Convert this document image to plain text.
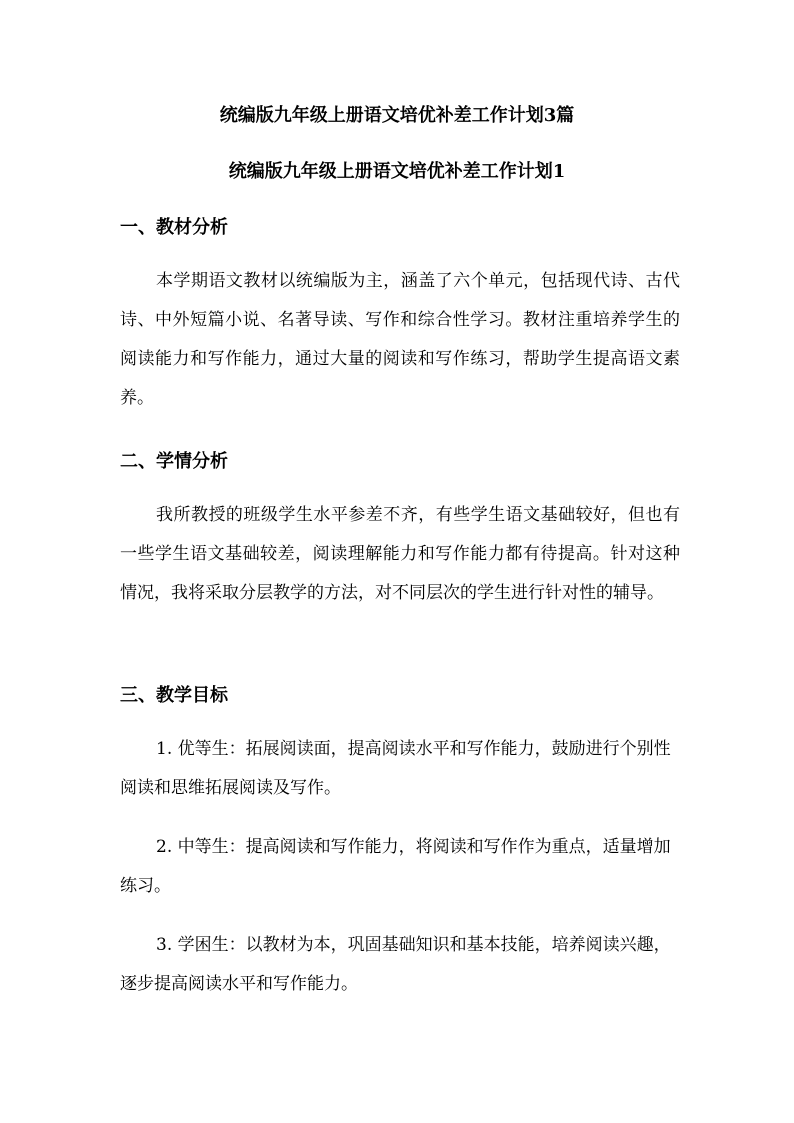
统编版九年级上册语文培优补差工作计划3篇
统编版九年级上册语文培优补差工作计划1
一、教材分析

本学期语文教材以统编版为主，涵盖了六个单元，包括现代诗、古代诗、中外短篇小说、名著导读、写作和综合性学习。教材注重培养学生的阅读能力和写作能力，通过大量的阅读和写作练习，帮助学生提高语文素养。

二、学情分析

我所教授的班级学生水平参差不齐，有些学生语文基础较好，但也有一些学生语文基础较差，阅读理解能力和写作能力都有待提高。针对这种情况，我将采取分层教学的方法，对不同层次的学生进行针对性的辅导。

三、教学目标

1. 优等生：拓展阅读面，提高阅读水平和写作能力，鼓励进行个别性阅读和思维拓展阅读及写作。

2. 中等生：提高阅读和写作能力，将阅读和写作作为重点，适量增加练习。

3. 学困生：以教材为本，巩固基础知识和基本技能，培养阅读兴趣，逐步提高阅读水平和写作能力。
